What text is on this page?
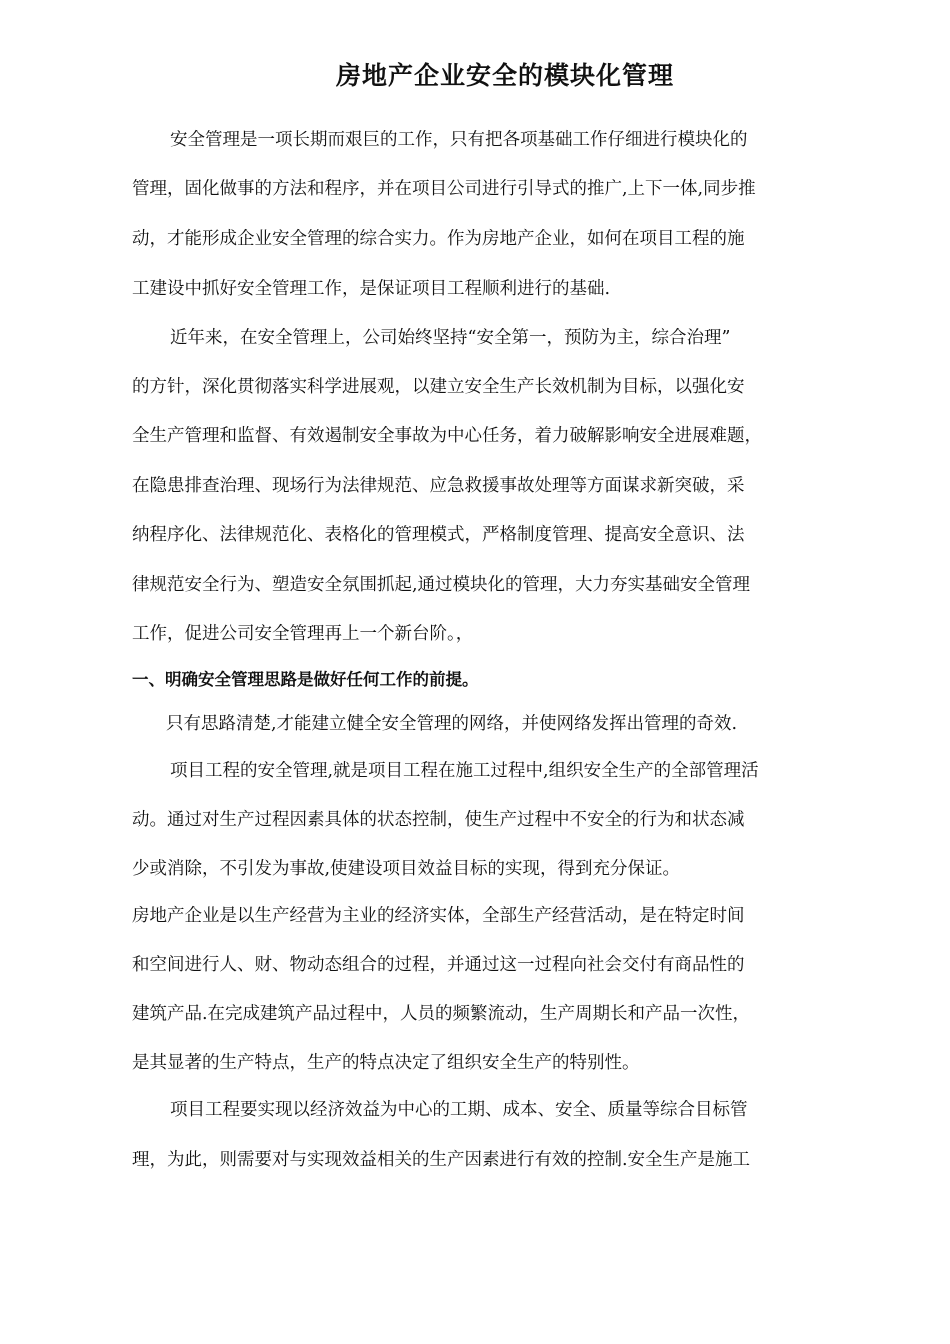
房地产企业安全的模块化管理

安全管理是一项长期而艰巨的工作，只有把各项基础工作仔细进行模块化的

管理，固化做事的方法和程序，并在项目公司进行引导式的推广,上下一体,同步推

动，才能形成企业安全管理的综合实力。作为房地产企业，如何在项目工程的施

工建设中抓好安全管理工作，是保证项目工程顺利进行的基础.

近年来，在安全管理上，公司始终坚持“安全第一，预防为主，综合治理”

的方针，深化贯彻落实科学进展观，以建立安全生产长效机制为目标，以强化安

全生产管理和监督、有效遏制安全事故为中心任务，着力破解影响安全进展难题，

在隐患排查治理、现场行为法律规范、应急救援事故处理等方面谋求新突破，采

纳程序化、法律规范化、表格化的管理模式，严格制度管理、提高安全意识、法

律规范安全行为、塑造安全氛围抓起,通过模块化的管理，大力夯实基础安全管理

工作，促进公司安全管理再上一个新台阶。，

一、明确安全管理思路是做好任何工作的前提。

只有思路清楚,才能建立健全安全管理的网络，并使网络发挥出管理的奇效.

项目工程的安全管理,就是项目工程在施工过程中,组织安全生产的全部管理活

动。通过对生产过程因素具体的状态控制，使生产过程中不安全的行为和状态减

少或消除，不引发为事故,使建设项目效益目标的实现，得到充分保证。

房地产企业是以生产经营为主业的经济实体，全部生产经营活动，是在特定时间

和空间进行人、财、物动态组合的过程，并通过这一过程向社会交付有商品性的

建筑产品.在完成建筑产品过程中，人员的频繁流动，生产周期长和产品一次性，

是其显著的生产特点，生产的特点决定了组织安全生产的特别性。

项目工程要实现以经济效益为中心的工期、成本、安全、质量等综合目标管

理，为此，则需要对与实现效益相关的生产因素进行有效的控制.安全生产是施工
